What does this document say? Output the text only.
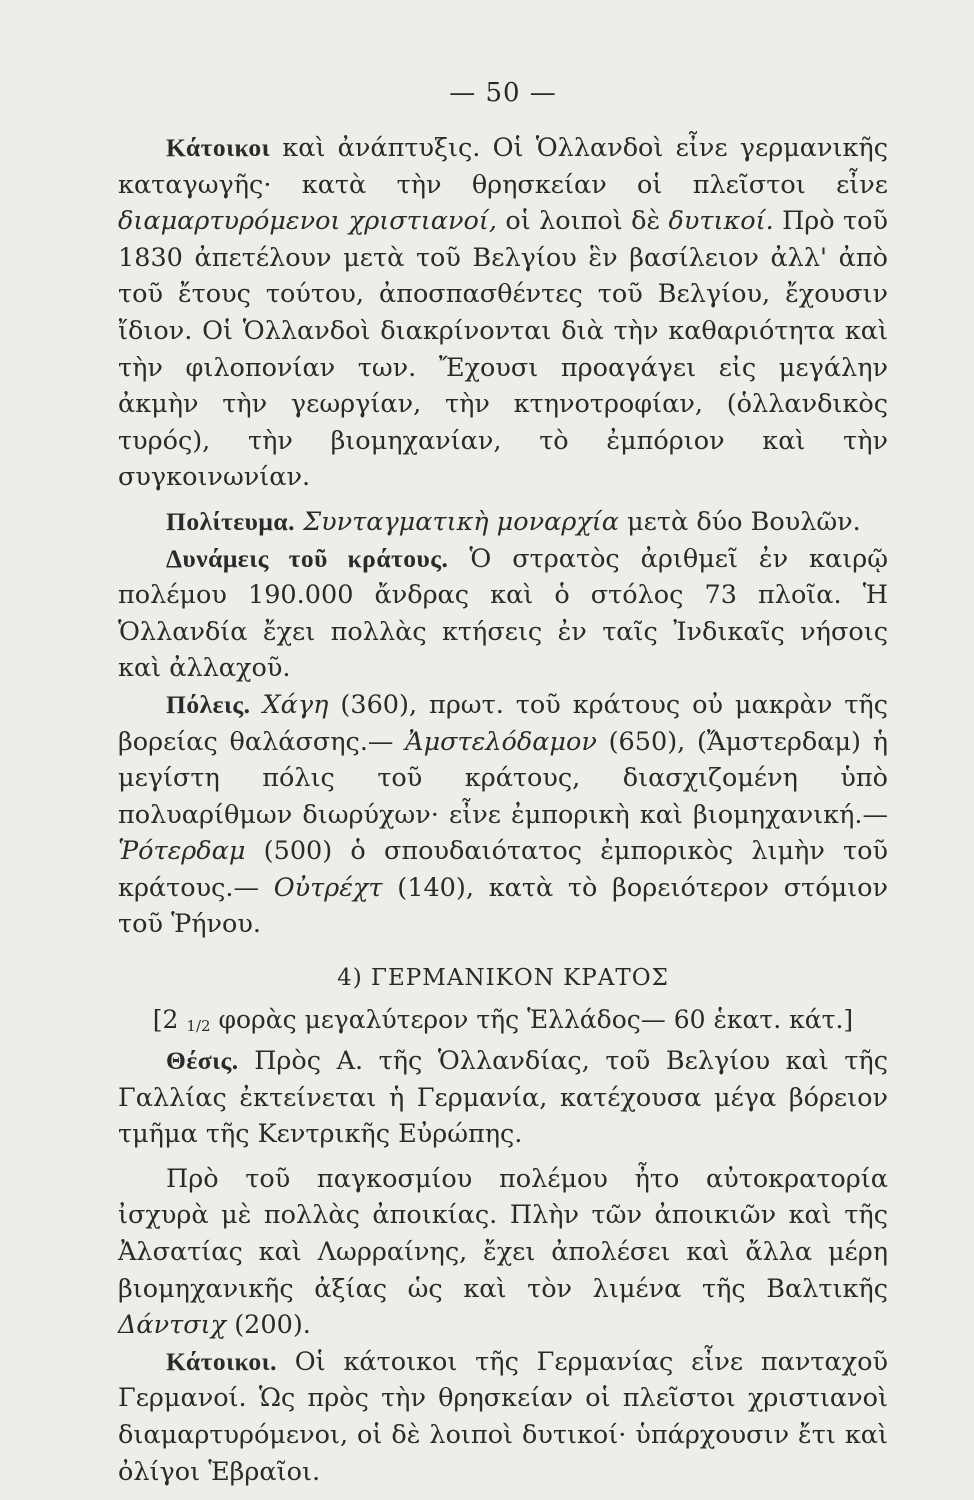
— 50 —

Κάτοικοι καὶ ἀνάπτυξις. Οἱ Ὁλλανδοὶ εἶνε γερμανικῆς καταγωγῆς· κατὰ τὴν θρησκείαν οἱ πλεῖστοι εἶνε διαμαρτυρόμενοι χριστιανοί, οἱ λοιποὶ δὲ δυτικοί. Πρὸ τοῦ 1830 ἀπετέλουν μετὰ τοῦ Βελγίου ἓν βασίλειον ἀλλ' ἀπὸ τοῦ ἔτους τούτου, ἀποσπασθέντες τοῦ Βελγίου, ἔχουσιν ἴδιον. Οἱ Ὁλλανδοὶ διακρίνονται διὰ τὴν καθαριότητα καὶ τὴν φιλοπονίαν των. Ἔχουσι προαγάγει εἰς μεγάλην ἀκμὴν τὴν γεωργίαν, τὴν κτηνοτροφίαν, (ὁλλανδικὸς τυρός), τὴν βιομηχανίαν, τὸ ἐμπόριον καὶ τὴν συγκοινωνίαν.

Πολίτευμα. Συνταγματικὴ μοναρχία μετὰ δύο Βουλῶν.

Δυνάμεις τοῦ κράτους. Ὁ στρατὸς ἀριθμεῖ ἐν καιρῷ πολέμου 190.000 ἄνδρας καὶ ὁ στόλος 73 πλοῖα. Ἡ Ὁλλανδία ἔχει πολλὰς κτήσεις ἐν ταῖς Ἰνδικαῖς νήσοις καὶ ἀλλαχοῦ.

Πόλεις. Χάγη (360), πρωτ. τοῦ κράτους οὐ μακρὰν τῆς βορείας θαλάσσης.— Ἀμστελόδαμον (650), (Ἄμστερδαμ) ἡ μεγίστη πόλις τοῦ κράτους, διασχιζομένη ὑπὸ πολυαρίθμων διωρύχων· εἶνε ἐμπορικὴ καὶ βιομηχανική.— Ῥότερδαμ (500) ὁ σπουδαιότατος ἐμπορικὸς λιμὴν τοῦ κράτους.— Οὐτρέχτ (140), κατὰ τὸ βορειότερον στόμιον τοῦ Ῥήνου.

4) ΓΕΡΜΑΝΙΚΟΝ ΚΡΑΤΟΣ
[2 $_{1/2}$ φορὰς μεγαλύτερον τῆς Ἑλλάδος— 60 ἑκατ. κάτ.]

Θέσις. Πρὸς Α. τῆς Ὁλλανδίας, τοῦ Βελγίου καὶ τῆς Γαλλίας ἐκτείνεται ἡ Γερμανία, κατέχουσα μέγα βόρειον τμῆμα τῆς Κεντρικῆς Εὐρώπης.

Πρὸ τοῦ παγκοσμίου πολέμου ἦτο αὐτοκρατορία ἰσχυρὰ μὲ πολλὰς ἀποικίας. Πλὴν τῶν ἀποικιῶν καὶ τῆς Ἀλσατίας καὶ Λωρραίνης, ἔχει ἀπολέσει καὶ ἄλλα μέρη βιομηχανικῆς ἀξίας ὡς καὶ τὸν λιμένα τῆς Βαλτικῆς Δάντσιχ (200).

Κάτοικοι. Οἱ κάτοικοι τῆς Γερμανίας εἶνε πανταχοῦ Γερμανοί. Ὡς πρὸς τὴν θρησκείαν οἱ πλεῖστοι χριστιανοὶ διαμαρτυρόμενοι, οἱ δὲ λοιποὶ δυτικοί· ὑπάρχουσιν ἔτι καὶ ὀλίγοι Ἑβραῖοι.
